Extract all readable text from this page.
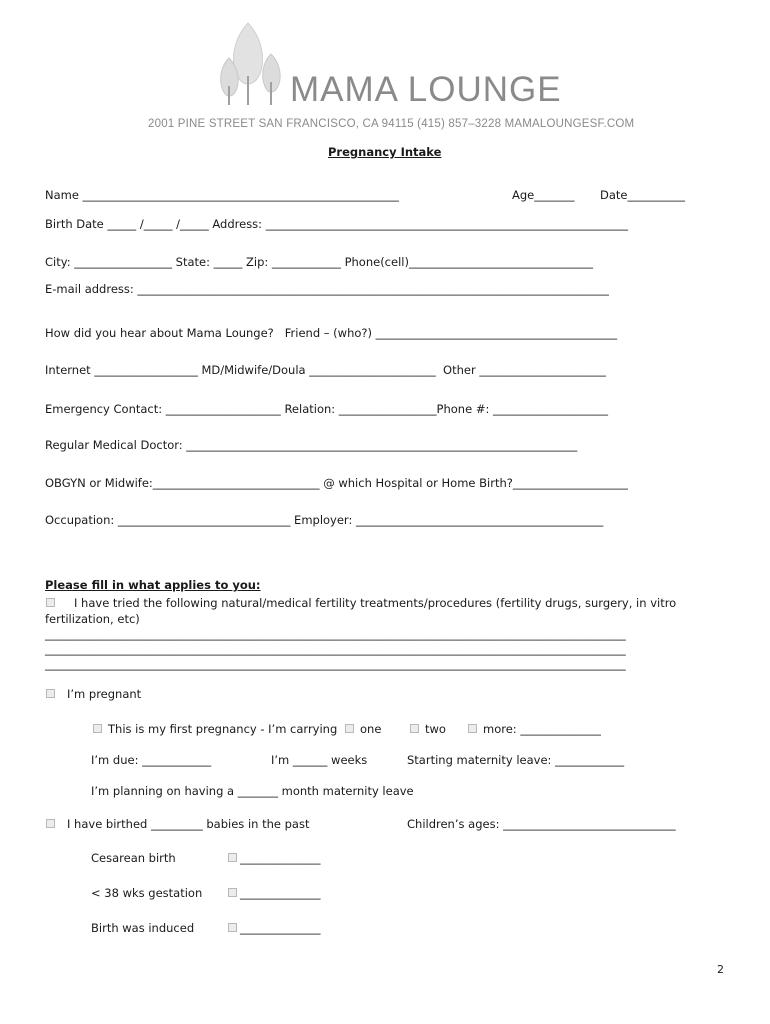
MAMA LOUNGE
2001 PINE STREET SAN FRANCISCO, CA 94115 (415) 857–3228 MAMALOUNGESF.COM
Pregnancy Intake
Name _______________________________________________________	Age_______ Date__________
Birth Date _____ /_____ /_____ Address: _______________________________________________________________
City: _________________ State: _____ Zip: ____________ Phone(cell)________________________________
E-mail address: __________________________________________________________________________________
How did you hear about Mama Lounge?   Friend – (who?) __________________________________________
Internet __________________ MD/Midwife/Doula ______________________  Other ______________________
Emergency Contact: ____________________ Relation: _________________Phone #: ____________________
Regular Medical Doctor: ____________________________________________________________________
OBGYN or Midwife:_____________________________ @ which Hospital or Home Birth?____________________
Occupation: ______________________________ Employer: ___________________________________________
Please fill in what applies to you:
I have tried the following natural/medical fertility treatments/procedures (fertility drugs, surgery, in vitro
fertilization, etc)
_____________________________________________________________________________________________________
_____________________________________________________________________________________________________
_____________________________________________________________________________________________________
I’m pregnant
This is my first pregnancy - I’m carrying one	two	more: ______________
I’m due: ____________	I’m ______ weeks	Starting maternity leave: ____________
I’m planning on having a _______ month maternity leave
I have birthed _________ babies in the past	Children’s ages: ______________________________
Cesarean birth	______________
< 38 wks gestation	______________
Birth was induced	______________
2
